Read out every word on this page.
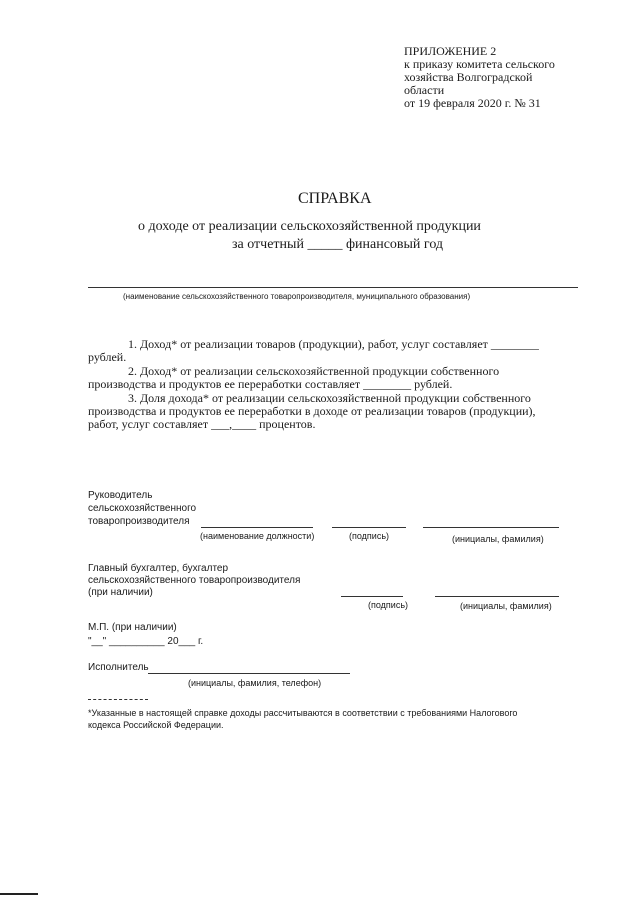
ПРИЛОЖЕНИЕ 2
к приказу комитета сельского
хозяйства Волгоградской
области
от 19 февраля 2020 г. № 31
СПРАВКА
о доходе от реализации сельскохозяйственной продукции
за отчетный _____ финансовый год
(наименование сельскохозяйственного товаропроизводителя, муниципального образования)
1. Доход* от реализации товаров (продукции), работ, услуг составляет ________
рублей.
2. Доход* от реализации сельскохозяйственной продукции собственного
производства и продуктов ее переработки составляет ________ рублей.
3. Доля дохода* от реализации сельскохозяйственной продукции собственного
производства и продуктов ее переработки в доходе от реализации товаров (продукции),
работ, услуг составляет ___,____ процентов.
Руководитель
сельскохозяйственного
товаропроизводителя
(наименование должности)	(подпись)	(инициалы, фамилия)
Главный бухгалтер, бухгалтер
сельскохозяйственного товаропроизводителя
(при наличии)
(подпись)	(инициалы, фамилия)
М.П. (при наличии)
"__" __________ 20___ г.
Исполнитель
(инициалы, фамилия, телефон)
*Указанные в настоящей справке доходы рассчитываются в соответствии с требованиями Налогового
кодекса Российской Федерации.
